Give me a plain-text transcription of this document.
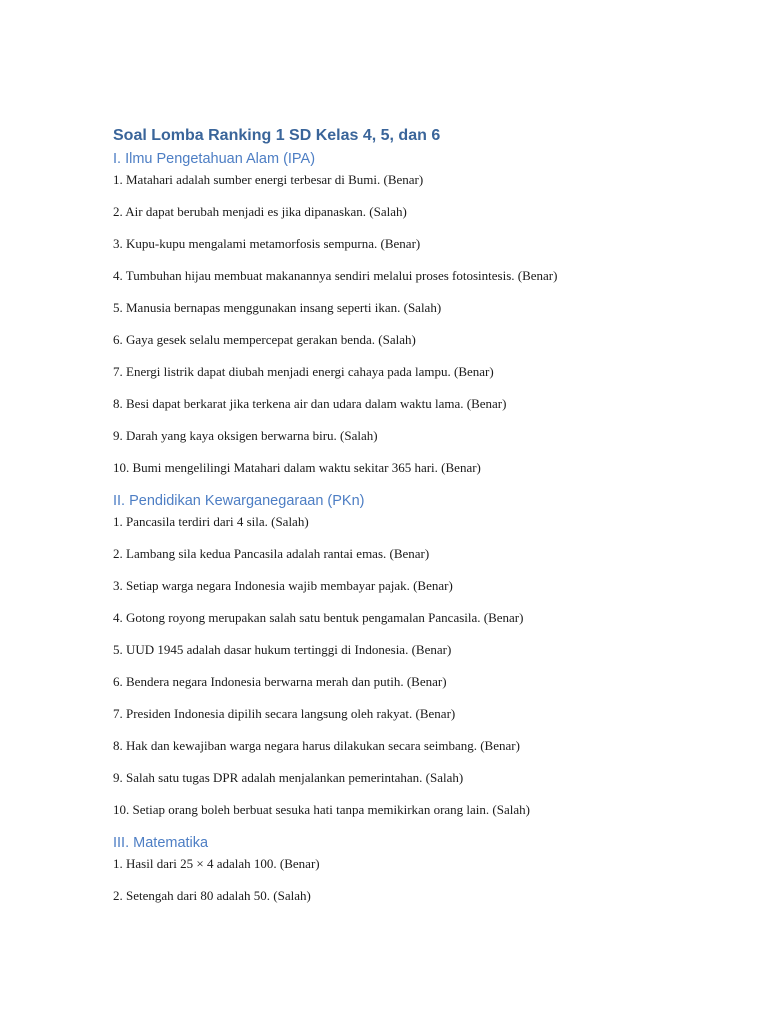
Soal Lomba Ranking 1 SD Kelas 4, 5, dan 6
I. Ilmu Pengetahuan Alam (IPA)
1. Matahari adalah sumber energi terbesar di Bumi. (Benar)
2. Air dapat berubah menjadi es jika dipanaskan. (Salah)
3. Kupu-kupu mengalami metamorfosis sempurna. (Benar)
4. Tumbuhan hijau membuat makanannya sendiri melalui proses fotosintesis. (Benar)
5. Manusia bernapas menggunakan insang seperti ikan. (Salah)
6. Gaya gesek selalu mempercepat gerakan benda. (Salah)
7. Energi listrik dapat diubah menjadi energi cahaya pada lampu. (Benar)
8. Besi dapat berkarat jika terkena air dan udara dalam waktu lama. (Benar)
9. Darah yang kaya oksigen berwarna biru. (Salah)
10. Bumi mengelilingi Matahari dalam waktu sekitar 365 hari. (Benar)
II. Pendidikan Kewarganegaraan (PKn)
1. Pancasila terdiri dari 4 sila. (Salah)
2. Lambang sila kedua Pancasila adalah rantai emas. (Benar)
3. Setiap warga negara Indonesia wajib membayar pajak. (Benar)
4. Gotong royong merupakan salah satu bentuk pengamalan Pancasila. (Benar)
5. UUD 1945 adalah dasar hukum tertinggi di Indonesia. (Benar)
6. Bendera negara Indonesia berwarna merah dan putih. (Benar)
7. Presiden Indonesia dipilih secara langsung oleh rakyat. (Benar)
8. Hak dan kewajiban warga negara harus dilakukan secara seimbang. (Benar)
9. Salah satu tugas DPR adalah menjalankan pemerintahan. (Salah)
10. Setiap orang boleh berbuat sesuka hati tanpa memikirkan orang lain. (Salah)
III. Matematika
1. Hasil dari 25 × 4 adalah 100. (Benar)
2. Setengah dari 80 adalah 50. (Salah)
